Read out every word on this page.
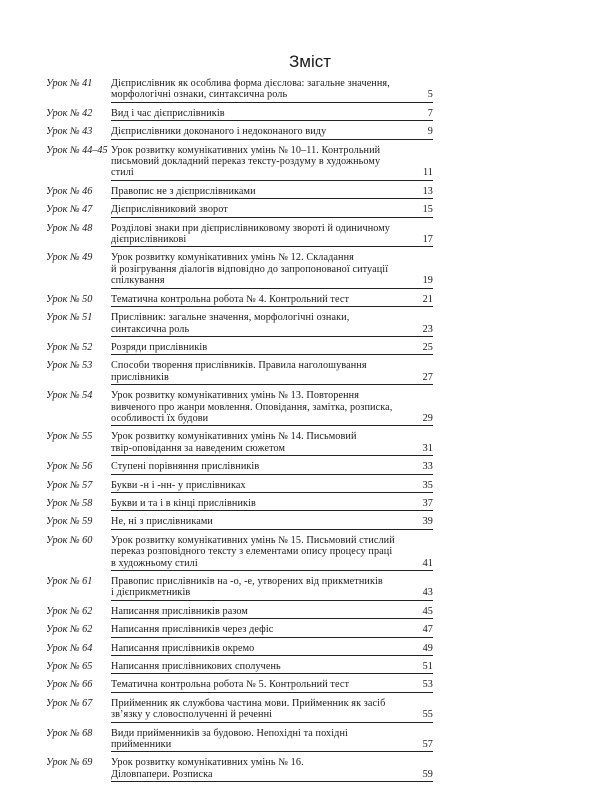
Зміст
Урок № 41	Дієприслівник як особлива форма дієслова: загальне значення,
морфологічні ознаки, синтаксична роль	5
Урок № 42	Вид і час дієприслівників	7
Урок № 43	Дієприслівники доконаного і недоконаного виду	9
Урок № 44–45 Урок розвитку комунікативних умінь № 10–11. Контрольний
письмовий докладний переказ тексту-роздуму в художньому
стилі	11
Урок № 46	Правопис не з дієприслівниками	13
Урок № 47	Дієприслівниковий зворот	15
Урок № 48	Розділові знаки при дієприслівниковому звороті й одиничному
дієприслівникові	17
Урок № 49	Урок розвитку комунікативних умінь № 12. Складання
й розігрування діалогів відповідно до запропонованої ситуації
спілкування	19
Урок № 50	Тематична контрольна робота № 4. Контрольний тест	21
Урок № 51	Прислівник: загальне значення, морфологічні ознаки,
синтаксична роль	23
Урок № 52	Розряди прислівників	25
Урок № 53	Способи творення прислівників. Правила наголошування
прислівників	27
Урок № 54	Урок розвитку комунікативних умінь № 13. Повторення
вивченого про жанри мовлення. Оповідання, замітка, розписка,
особливості їх будови	29
Урок № 55	Урок розвитку комунікативних умінь № 14. Письмовий
твір-оповідання за наведеним сюжетом	31
Урок № 56	Ступені порівняння прислівників	33
Урок № 57	Букви -н і -нн- у прислівниках	35
Урок № 58	Букви и та і в кінці прислівників	37
Урок № 59	Не, ні з прислівниками	39
Урок № 60	Урок розвитку комунікативних умінь № 15. Письмовий стислий
переказ розповідного тексту з елементами опису процесу праці
в художньому стилі	41
Урок № 61	Правопис прислівників на -о, -е, утворених від прикметників
і дієприкметників	43
Урок № 62	Написання прислівників разом	45
Урок № 62	Написання прислівників через дефіс	47
Урок № 64	Написання прислівників окремо	49
Урок № 65	Написання прислівникових сполучень	51
Урок № 66	Тематична контрольна робота № 5. Контрольний тест	53
Урок № 67	Прийменник як службова частина мови. Прийменник як засіб
зв’язку у словосполученні й реченні	55
Урок № 68	Види прийменників за будовою. Непохідні та похідні
прийменники	57
Урок № 69	Урок розвитку комунікативних умінь № 16.
Діловпапери. Розписка	59
